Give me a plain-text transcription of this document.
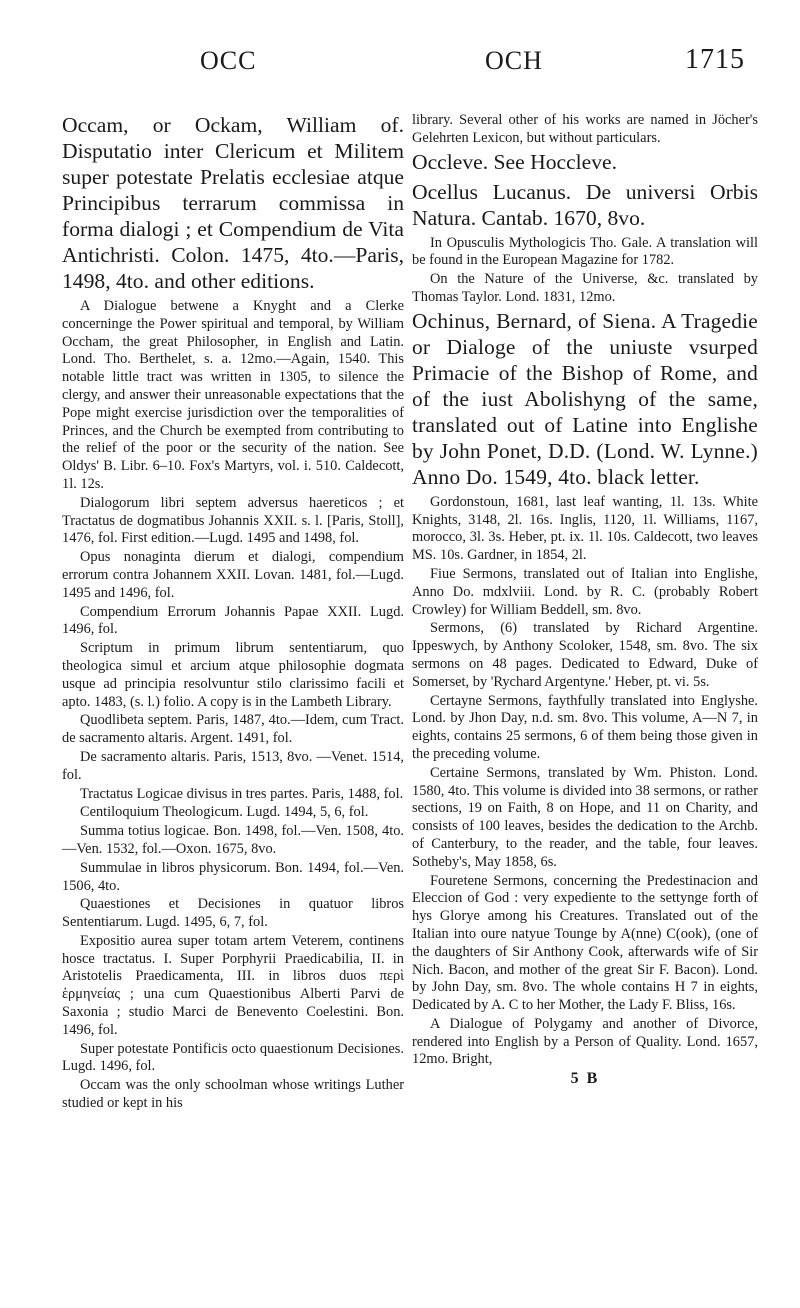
OCC	OCH	1715

Occam, or Ockam, William of. Disputatio inter Clericum et Militem super potestate Prelatis ecclesiae atque Principibus terrarum commissa in forma dialogi ; et Compendium de Vita Antichristi. Colon. 1475, 4to.—Paris, 1498, 4to. and other editions.

A Dialogue betwene a Knyght and a Clerke concerninge the Power spiritual and temporal, by William Occham, the great Philosopher, in English and Latin. Lond. Tho. Berthelet, s. a. 12mo.—Again, 1540. This notable little tract was written in 1305, to silence the clergy, and answer their unreasonable expectations that the Pope might exercise jurisdiction over the temporalities of Princes, and the Church be exempted from contributing to the relief of the poor or the security of the nation. See Oldys' B. Libr. 6–10. Fox's Martyrs, vol. i. 510. Caldecott, 1l. 12s.

Dialogorum libri septem adversus haereticos ; et Tractatus de dogmatibus Johannis XXII. s. l. [Paris, Stoll], 1476, fol. First edition.—Lugd. 1495 and 1498, fol.

Opus nonaginta dierum et dialogi, compendium errorum contra Johannem XXII. Lovan. 1481, fol.—Lugd. 1495 and 1496, fol.

Compendium Errorum Johannis Papae XXII. Lugd. 1496, fol.

Scriptum in primum librum sententiarum, quo theologica simul et arcium atque philosophie dogmata usque ad principia resolvuntur stilo clarissimo facili et apto. 1483, (s. l.) folio. A copy is in the Lambeth Library.

Quodlibeta septem. Paris, 1487, 4to.—Idem, cum Tract. de sacramento altaris. Argent. 1491, fol.

De sacramento altaris. Paris, 1513, 8vo. —Venet. 1514, fol.

Tractatus Logicae divisus in tres partes. Paris, 1488, fol.

Centiloquium Theologicum. Lugd. 1494, 5, 6, fol.

Summa totius logicae. Bon. 1498, fol.—Ven. 1508, 4to.—Ven. 1532, fol.—Oxon. 1675, 8vo.

Summulae in libros physicorum. Bon. 1494, fol.—Ven. 1506, 4to.

Quaestiones et Decisiones in quatuor libros Sententiarum. Lugd. 1495, 6, 7, fol.

Expositio aurea super totam artem Veterem, continens hosce tractatus. I. Super Porphyrii Praedicabilia, II. in Aristotelis Praedicamenta, III. in libros duos περὶ ἑρμηνείας ; una cum Quaestionibus Alberti Parvi de Saxonia ; studio Marci de Benevento Coelestini. Bon. 1496, fol.

Super potestate Pontificis octo quaestionum Decisiones. Lugd. 1496, fol.

Occam was the only schoolman whose writings Luther studied or kept in his

library. Several other of his works are named in Jöcher's Gelehrten Lexicon, but without particulars.

Occleve. See Hoccleve.

Ocellus Lucanus. De universi Orbis Natura. Cantab. 1670, 8vo.

In Opusculis Mythologicis Tho. Gale. A translation will be found in the European Magazine for 1782.

On the Nature of the Universe, &c. translated by Thomas Taylor. Lond. 1831, 12mo.

Ochinus, Bernard, of Siena. A Tragedie or Dialoge of the uniuste vsurped Primacie of the Bishop of Rome, and of the iust Abolishyng of the same, translated out of Latine into Englishe by John Ponet, D.D. (Lond. W. Lynne.) Anno Do. 1549, 4to. black letter.

Gordonstoun, 1681, last leaf wanting, 1l. 13s. White Knights, 3148, 2l. 16s. Inglis, 1120, 1l. Williams, 1167, morocco, 3l. 3s. Heber, pt. ix. 1l. 10s. Caldecott, two leaves MS. 10s. Gardner, in 1854, 2l.

Fiue Sermons, translated out of Italian into Englishe, Anno Do. mdxlviii. Lond. by R. C. (probably Robert Crowley) for William Beddell, sm. 8vo.

Sermons, (6) translated by Richard Argentine. Ippeswych, by Anthony Scoloker, 1548, sm. 8vo. The six sermons on 48 pages. Dedicated to Edward, Duke of Somerset, by 'Rychard Argentyne.' Heber, pt. vi. 5s.

Certayne Sermons, faythfully translated into Englyshe. Lond. by Jhon Day, n.d. sm. 8vo. This volume, A—N 7, in eights, contains 25 sermons, 6 of them being those given in the preceding volume.

Certaine Sermons, translated by Wm. Phiston. Lond. 1580, 4to. This volume is divided into 38 sermons, or rather sections, 19 on Faith, 8 on Hope, and 11 on Charity, and consists of 100 leaves, besides the dedication to the Archb. of Canterbury, to the reader, and the table, four leaves. Sotheby's, May 1858, 6s.

Fouretene Sermons, concerning the Predestinacion and Eleccion of God : very expediente to the settynge forth of hys Glorye among his Creatures. Translated out of the Italian into oure natyue Tounge by A(nne) C(ook), (one of the daughters of Sir Anthony Cook, afterwards wife of Sir Nich. Bacon, and mother of the great Sir F. Bacon). Lond. by John Day, sm. 8vo. The whole contains H 7 in eights, Dedicated by A. C to her Mother, the Lady F. Bliss, 16s.

A Dialogue of Polygamy and another of Divorce, rendered into English by a Person of Quality. Lond. 1657, 12mo. Bright,

5 B
